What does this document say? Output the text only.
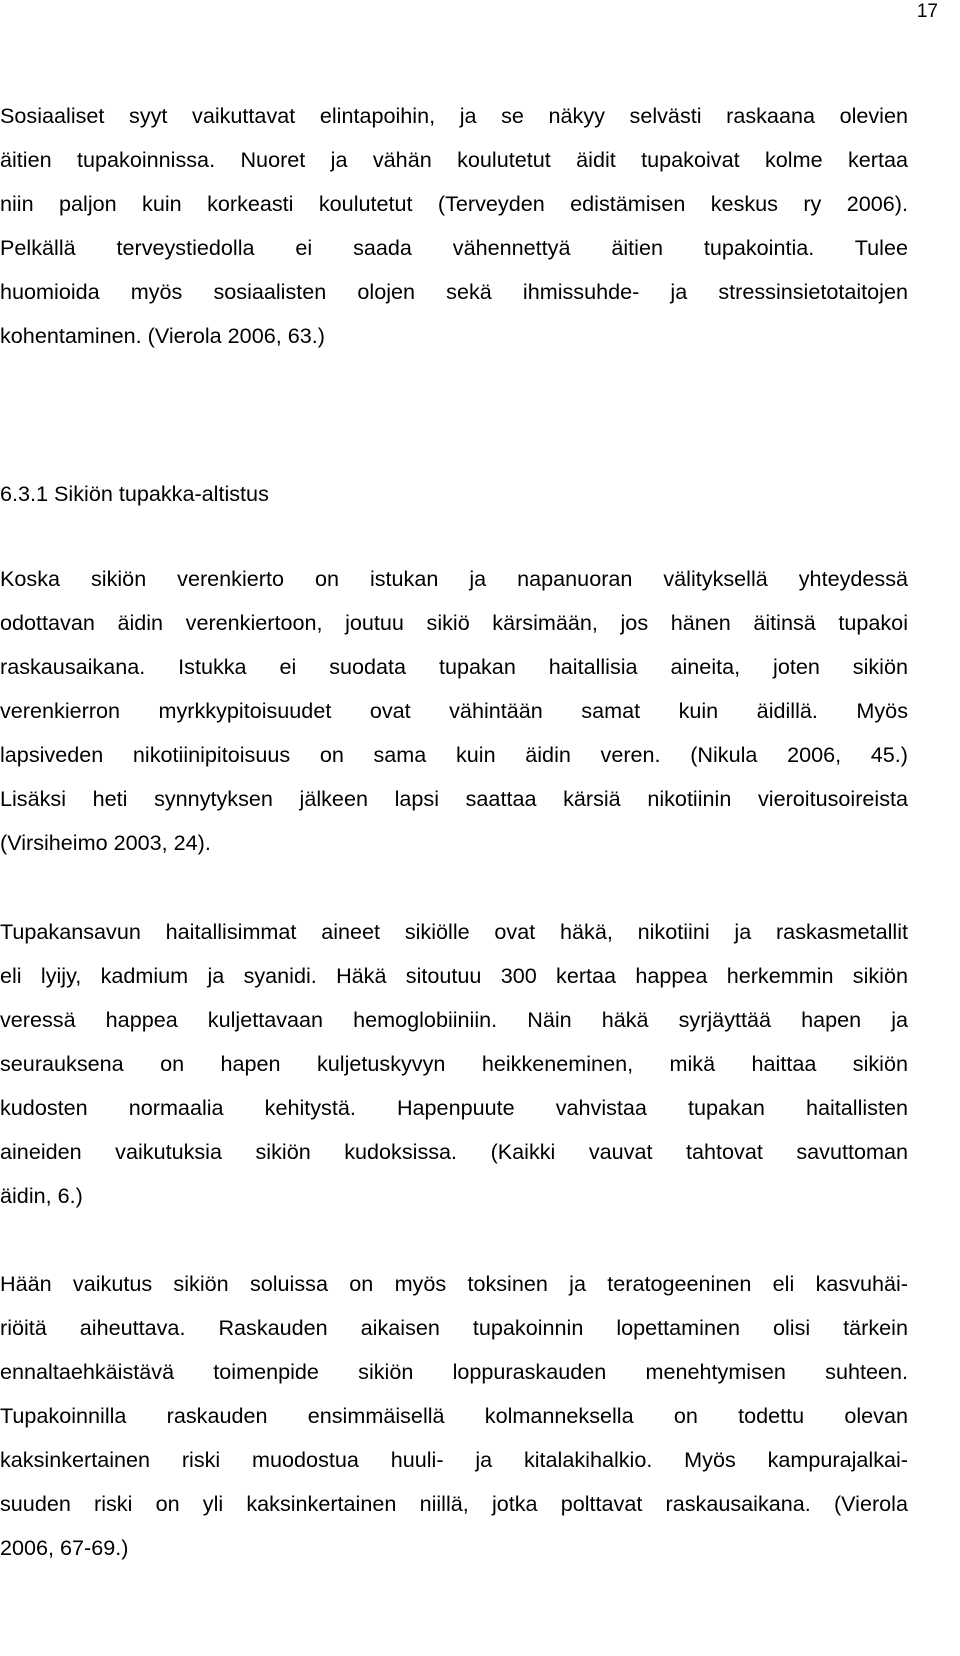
17
Sosiaaliset syyt vaikuttavat elintapoihin, ja se näkyy selvästi raskaana olevien
äitien tupakoinnissa. Nuoret ja vähän koulutetut äidit tupakoivat kolme kertaa
niin paljon kuin korkeasti koulutetut (Terveyden edistämisen keskus ry 2006).
Pelkällä terveystiedolla ei saada vähennettyä äitien tupakointia. Tulee
huomioida myös sosiaalisten olojen sekä ihmissuhde- ja stressinsietotaitojen
kohentaminen. (Vierola 2006, 63.)
6.3.1 Sikiön tupakka-altistus
Koska sikiön verenkierto on istukan ja napanuoran välityksellä yhteydessä
odottavan äidin verenkiertoon, joutuu sikiö kärsimään, jos hänen äitinsä tupakoi
raskausaikana. Istukka ei suodata tupakan haitallisia aineita, joten sikiön
verenkierron myrkkypitoisuudet ovat vähintään samat kuin äidillä. Myös
lapsiveden nikotiinipitoisuus on sama kuin äidin veren. (Nikula 2006, 45.)
Lisäksi heti synnytyksen jälkeen lapsi saattaa kärsiä nikotiinin vieroitusoireista
(Virsiheimo 2003, 24).
Tupakansavun haitallisimmat aineet sikiölle ovat häkä, nikotiini ja raskasmetallit
eli lyijy, kadmium ja syanidi. Häkä sitoutuu 300 kertaa happea herkemmin sikiön
veressä happea kuljettavaan hemoglobiiniin. Näin häkä syrjäyttää hapen ja
seurauksena on hapen kuljetuskyvyn heikkeneminen, mikä haittaa sikiön
kudosten normaalia kehitystä. Hapenpuute vahvistaa tupakan haitallisten
aineiden vaikutuksia sikiön kudoksissa. (Kaikki vauvat tahtovat savuttoman
äidin, 6.)
Hään vaikutus sikiön soluissa on myös toksinen ja teratogeeninen eli kasvuhäi-
riöitä aiheuttava. Raskauden aikaisen tupakoinnin lopettaminen olisi tärkein
ennaltaehkäistävä toimenpide sikiön loppuraskauden menehtymisen suhteen.
Tupakoinnilla raskauden ensimmäisellä kolmanneksella on todettu olevan
kaksinkertainen riski muodostua huuli- ja kitalakihalkio. Myös kampurajalkai-
suuden riski on yli kaksinkertainen niillä, jotka polttavat raskausaikana. (Vierola
2006, 67-69.)
